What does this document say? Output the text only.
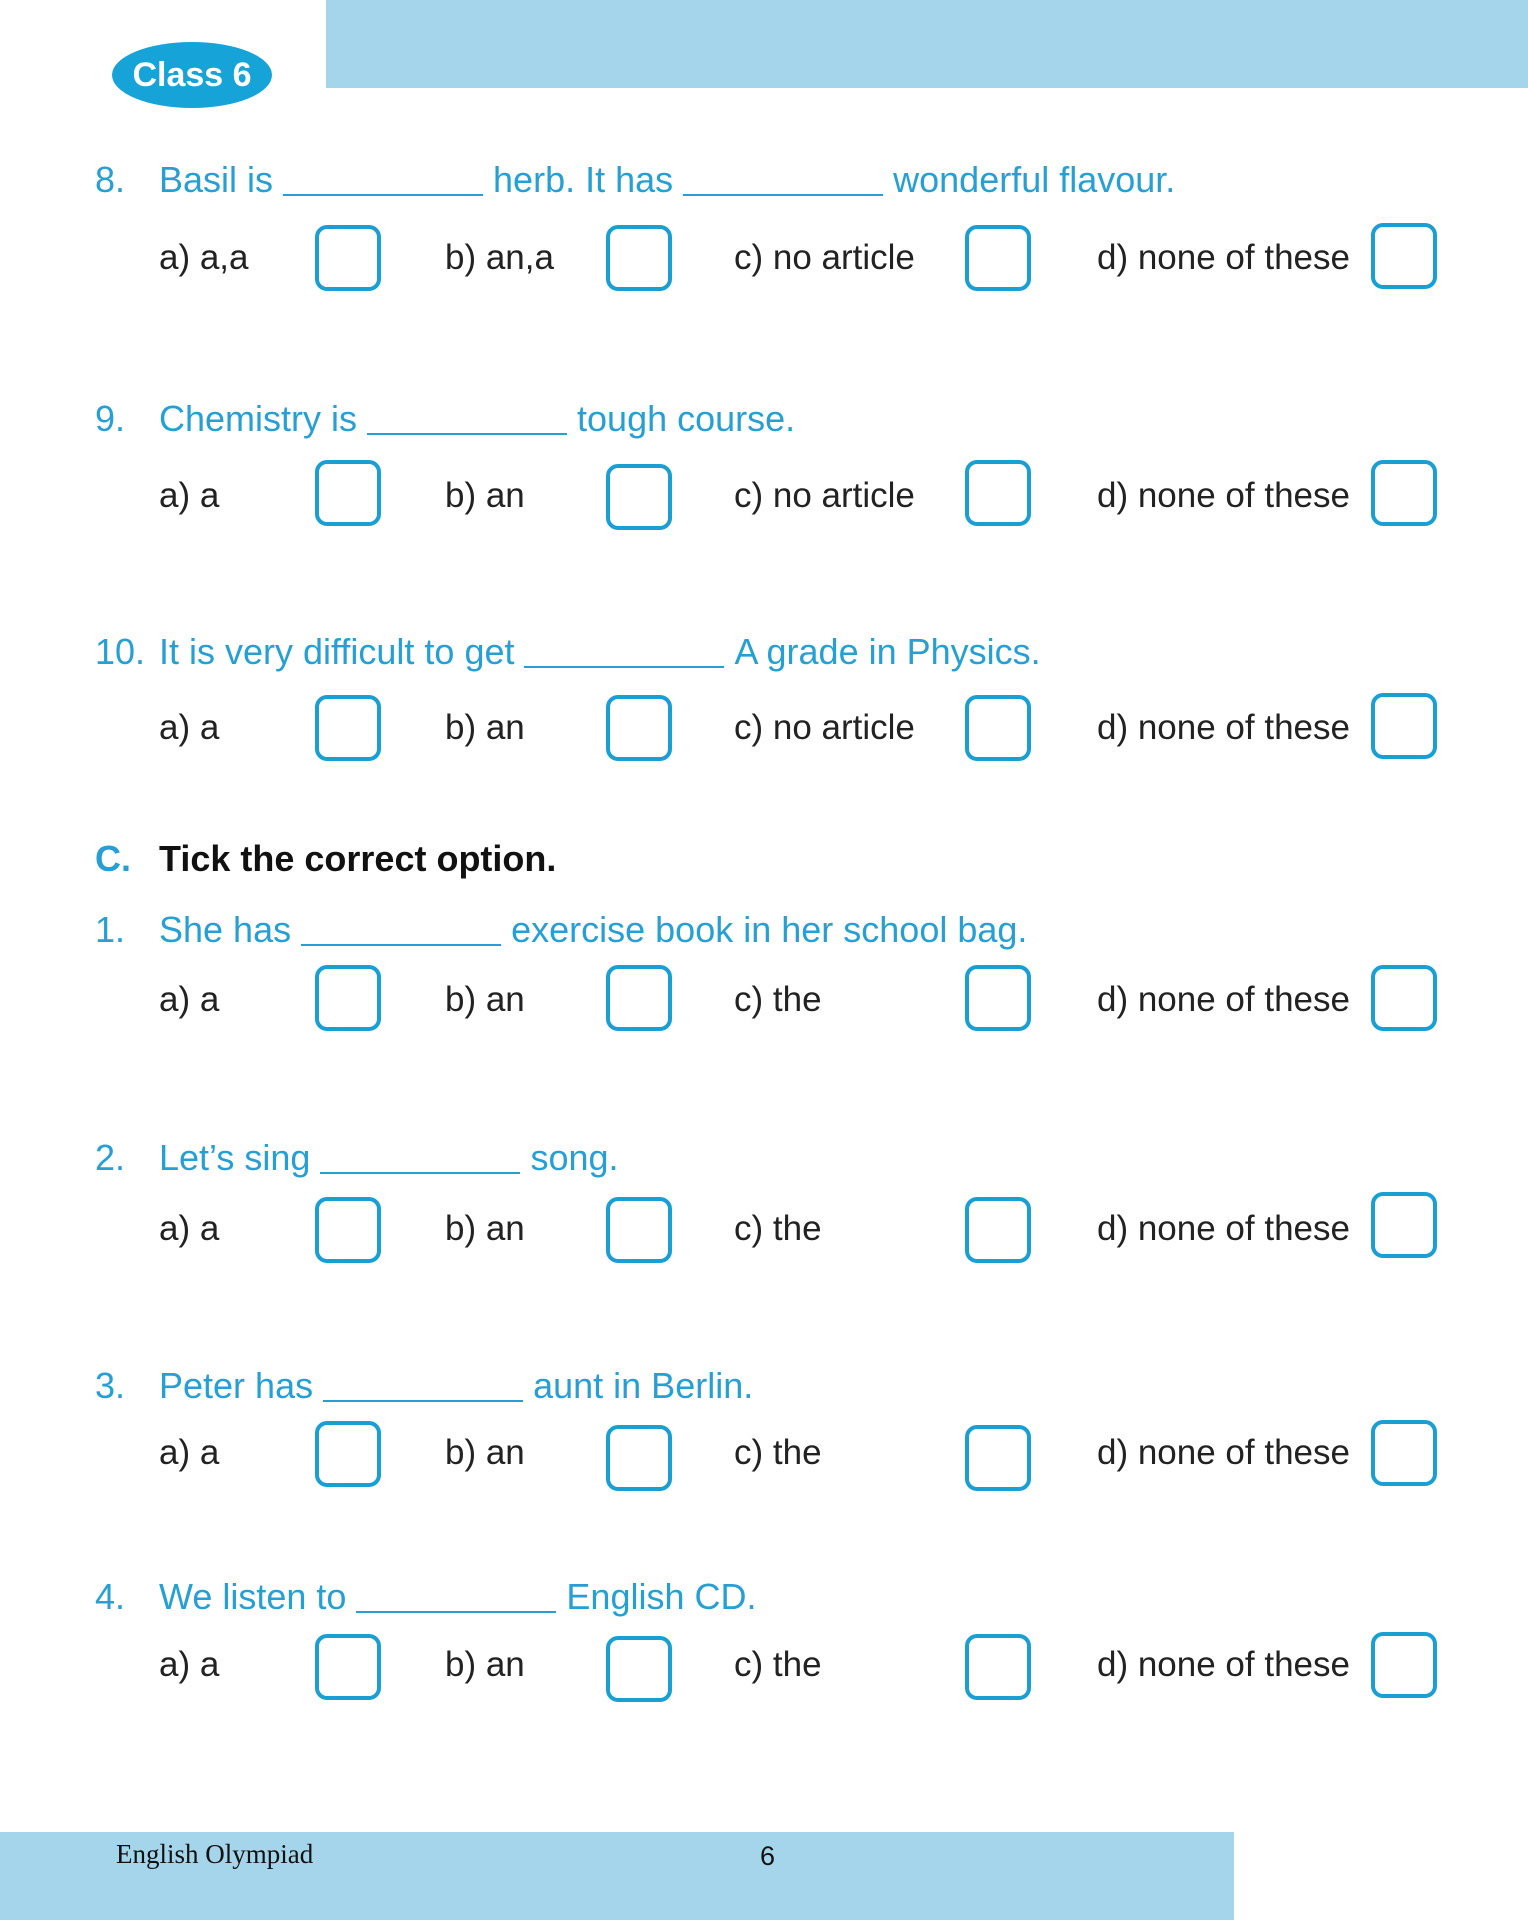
Class 6
8. Basil is	herb. It has	wonderful flavour.
a) a,a	b) an,a	c) no article	d) none of these
9. Chemistry is	tough course.
a) a	b) an	c) no article	d) none of these
10. It is very difficult to get	A grade in Physics.
a) a	b) an	c) no article	d) none of these
C. Tick the correct option.
1. She has	exercise book in her school bag.
a) a	b) an	c) the	d) none of these
2. Let’s sing	song.
a) a	b) an	c) the	d) none of these
3. Peter has	aunt in Berlin.
a) a	b) an	c) the	d) none of these
4. We listen to	English CD.
a) a	b) an	c) the	d) none of these
English Olympiad	6
